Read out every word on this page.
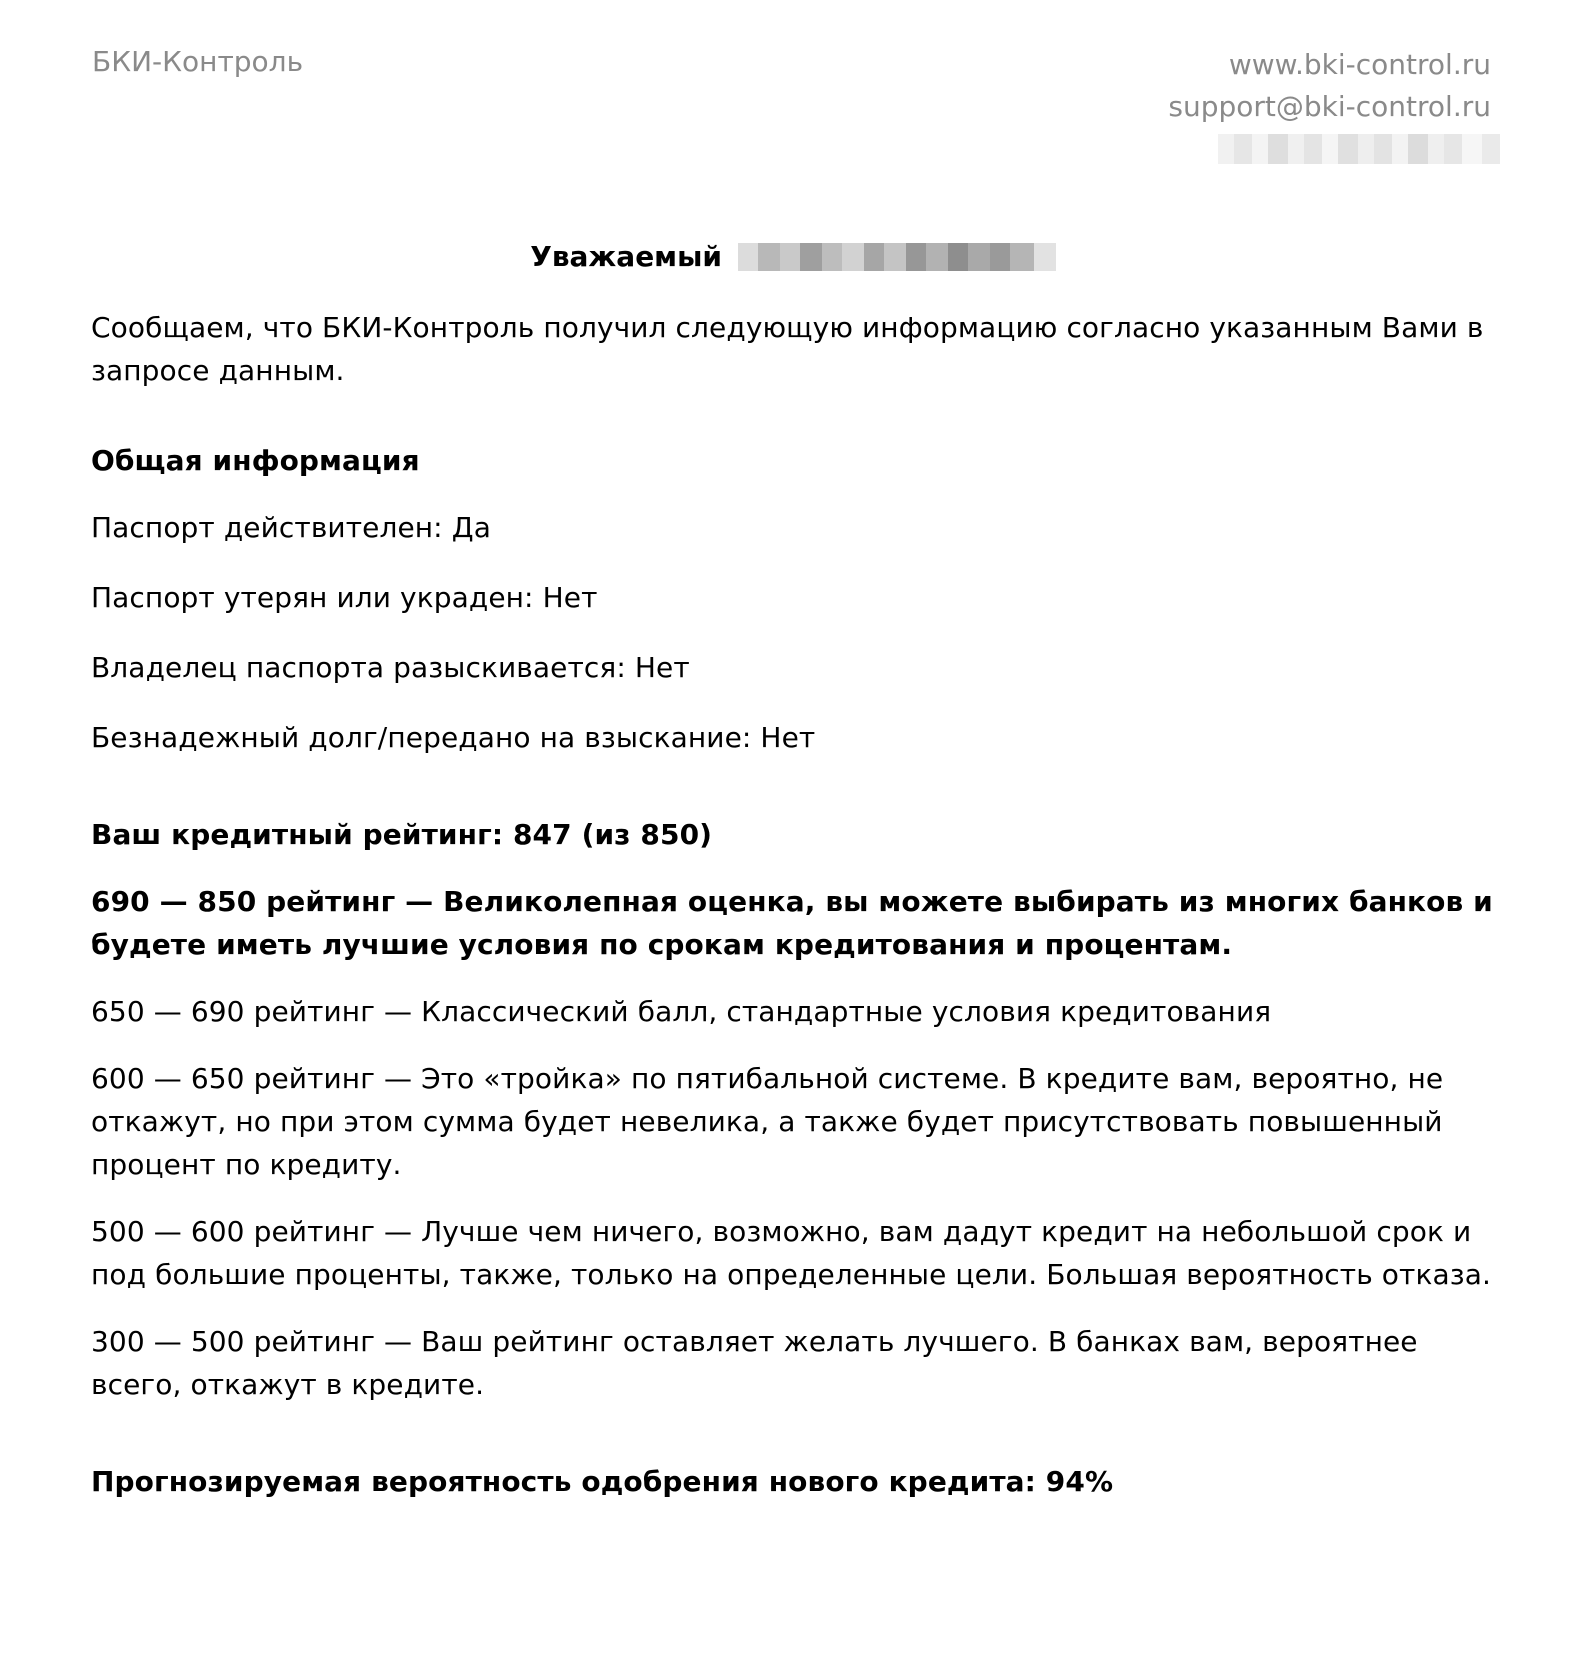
БКИ-Контроль	www.bki-control.ru
support@bki-control.ru
Уважаемый

Сообщаем, что БКИ-Контроль получил следующую информацию согласно указанным Вами в запросе данным.

Общая информация

Паспорт действителен: Да

Паспорт утерян или украден: Нет

Владелец паспорта разыскивается: Нет

Безнадежный долг/передано на взыскание: Нет

Ваш кредитный рейтинг: 847 (из 850)

690 — 850 рейтинг — Великолепная оценка, вы можете выбирать из многих банков и будете иметь лучшие условия по срокам кредитования и процентам.

650 — 690 рейтинг — Классический балл, стандартные условия кредитования

600 — 650 рейтинг — Это «тройка» по пятибальной системе. В кредите вам, вероятно, не откажут, но при этом сумма будет невелика, а также будет присутствовать повышенный процент по кредиту.

500 — 600 рейтинг — Лучше чем ничего, возможно, вам дадут кредит на небольшой срок и под большие проценты, также, только на определенные цели. Большая вероятность отказа.

300 — 500 рейтинг — Ваш рейтинг оставляет желать лучшего. В банках вам, вероятнее всего, откажут в кредите.

Прогнозируемая вероятность одобрения нового кредита: 94%
